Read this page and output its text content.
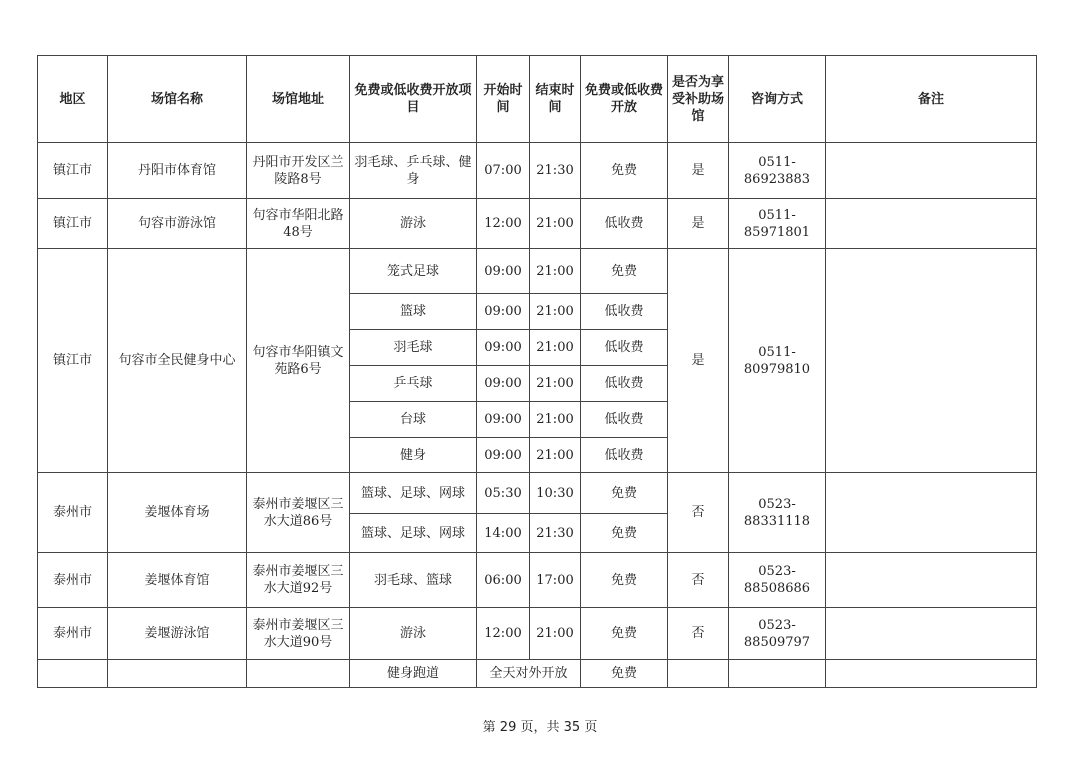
地区	场馆名称	场馆地址	免费或低收费开放项目	开始时间	结束时间	免费或低收费开放	是否为享受补助场馆	咨询方式	备注
镇江市	丹阳市体育馆	丹阳市开发区兰陵路8号	羽毛球、乒乓球、健身	07:00	21:30	免费	是	0511-86923883	
镇江市	句容市游泳馆	句容市华阳北路48号	游泳	12:00	21:00	低收费	是	0511-85971801	
镇江市	句容市全民健身中心	句容市华阳镇文苑路6号	笼式足球	09:00	21:00	免费	是	0511-80979810	
			篮球	09:00	21:00	低收费			
			羽毛球	09:00	21:00	低收费			
			乒乓球	09:00	21:00	低收费			
			台球	09:00	21:00	低收费			
			健身	09:00	21:00	低收费			
泰州市	姜堰体育场	泰州市姜堰区三水大道86号	篮球、足球、网球	05:30	10:30	免费	否	0523-88331118	
			篮球、足球、网球	14:00	21:30	免费			
泰州市	姜堰体育馆	泰州市姜堰区三水大道92号	羽毛球、篮球	06:00	17:00	免费	否	0523-88508686	
泰州市	姜堰游泳馆	泰州市姜堰区三水大道90号	游泳	12:00	21:00	免费	否	0523-88509797	
			健身跑道	全天对外开放		免费			
第 29 页，共 35 页
